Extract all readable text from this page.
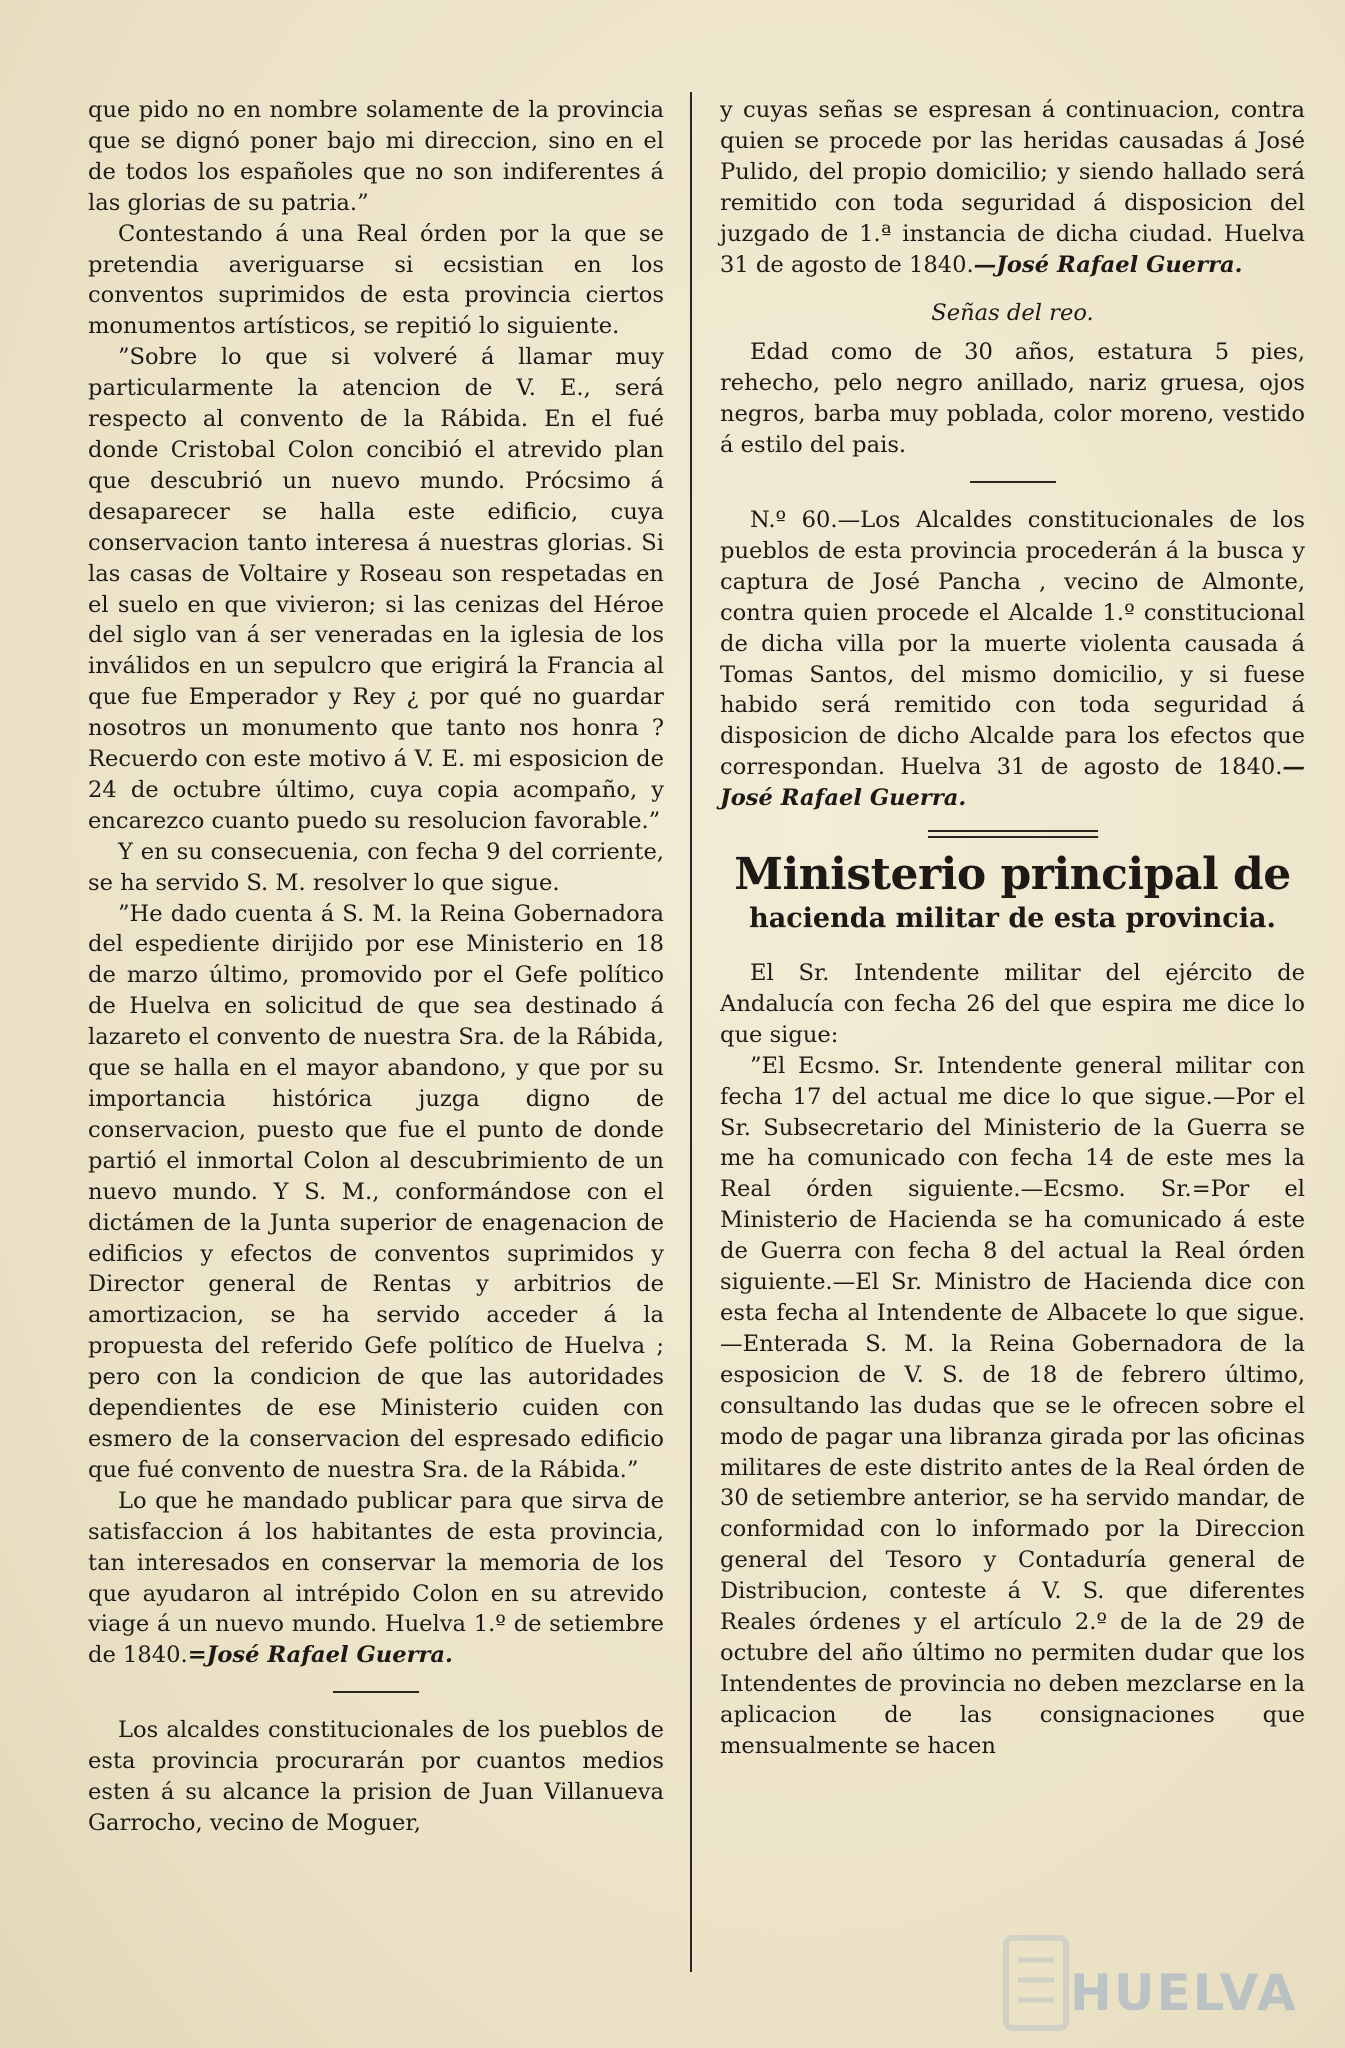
que pido no en nombre solamente de la provincia que se dignó poner bajo mi direccion, sino en el de todos los españoles que no son indiferentes á las glorias de su patria.”

Contestando á una Real órden por la que se pretendia averiguarse si ecsistian en los conventos suprimidos de esta provincia ciertos monumentos artísticos, se repitió lo siguiente.

”Sobre lo que si volveré á llamar muy particularmente la atencion de V. E., será respecto al convento de la Rábida. En el fué donde Cristobal Colon concibió el atrevido plan que descubrió un nuevo mundo. Prócsimo á desaparecer se halla este edificio, cuya conservacion tanto interesa á nuestras glorias. Si las casas de Voltaire y Roseau son respetadas en el suelo en que vivieron; si las cenizas del Héroe del siglo van á ser veneradas en la iglesia de los inválidos en un sepulcro que erigirá la Francia al que fue Emperador y Rey ¿ por qué no guardar nosotros un monumento que tanto nos honra ? Recuerdo con este motivo á V. E. mi esposicion de 24 de octubre último, cuya copia acompaño, y encarezco cuanto puedo su resolucion favorable.”

Y en su consecuenia, con fecha 9 del corriente, se ha servido S. M. resolver lo que sigue.

”He dado cuenta á S. M. la Reina Gobernadora del espediente dirijido por ese Ministerio en 18 de marzo último, promovido por el Gefe político de Huelva en solicitud de que sea destinado á lazareto el convento de nuestra Sra. de la Rábida, que se halla en el mayor abandono, y que por su importancia histórica juzga digno de conservacion, puesto que fue el punto de donde partió el inmortal Colon al descubrimiento de un nuevo mundo. Y S. M., conformándose con el dictámen de la Junta superior de enagenacion de edificios y efectos de conventos suprimidos y Director general de Rentas y arbitrios de amortizacion, se ha servido acceder á la propuesta del referido Gefe político de Huelva ; pero con la condicion de que las autoridades dependientes de ese Ministerio cuiden con esmero de la conservacion del espresado edificio que fué convento de nuestra Sra. de la Rábida.”

Lo que he mandado publicar para que sirva de satisfaccion á los habitantes de esta provincia, tan interesados en conservar la memoria de los que ayudaron al intrépido Colon en su atrevido viage á un nuevo mundo. Huelva 1.º de setiembre de 1840.=José Rafael Guerra.

Los alcaldes constitucionales de los pueblos de esta provincia procurarán por cuantos medios esten á su alcance la prision de Juan Villanueva Garrocho, vecino de Moguer,

y cuyas señas se espresan á continuacion, contra quien se procede por las heridas causadas á José Pulido, del propio domicilio; y siendo hallado será remitido con toda seguridad á disposicion del juzgado de 1.ª instancia de dicha ciudad. Huelva 31 de agosto de 1840.—José Rafael Guerra.

Señas del reo.

Edad como de 30 años, estatura 5 pies, rehecho, pelo negro anillado, nariz gruesa, ojos negros, barba muy poblada, color moreno, vestido á estilo del pais.

N.º 60.—Los Alcaldes constitucionales de los pueblos de esta provincia procederán á la busca y captura de José Pancha , vecino de Almonte, contra quien procede el Alcalde 1.º constitucional de dicha villa por la muerte violenta causada á Tomas Santos, del mismo domicilio, y si fuese habido será remitido con toda seguridad á disposicion de dicho Alcalde para los efectos que correspondan. Huelva 31 de agosto de 1840.—José Rafael Guerra.

Ministerio principal de
hacienda militar de esta provincia.

El Sr. Intendente militar del ejército de Andalucía con fecha 26 del que espira me dice lo que sigue:

”El Ecsmo. Sr. Intendente general militar con fecha 17 del actual me dice lo que sigue.—Por el Sr. Subsecretario del Ministerio de la Guerra se me ha comunicado con fecha 14 de este mes la Real órden siguiente.—Ecsmo. Sr.=Por el Ministerio de Hacienda se ha comunicado á este de Guerra con fecha 8 del actual la Real órden siguiente.—El Sr. Ministro de Hacienda dice con esta fecha al Intendente de Albacete lo que sigue.—Enterada S. M. la Reina Gobernadora de la esposicion de V. S. de 18 de febrero último, consultando las dudas que se le ofrecen sobre el modo de pagar una libranza girada por las oficinas militares de este distrito antes de la Real órden de 30 de setiembre anterior, se ha servido mandar, de conformidad con lo informado por la Direccion general del Tesoro y Contaduría general de Distribucion, conteste á V. S. que diferentes Reales órdenes y el artículo 2.º de la de 29 de octubre del año último no permiten dudar que los Intendentes de provincia no deben mezclarse en la aplicacion de las consignaciones que mensualmente se hacen

HUELVA
